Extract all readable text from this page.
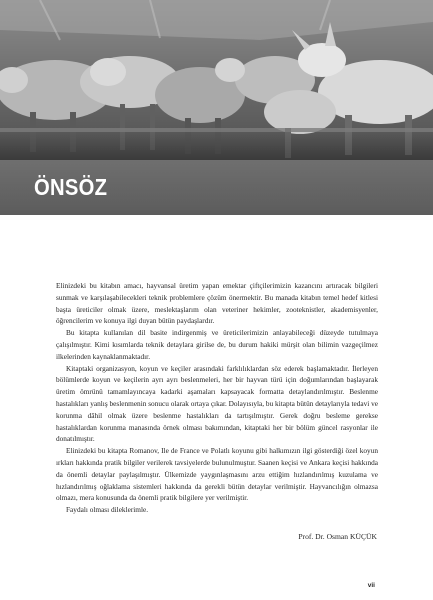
ÖNSÖZ

Elinizdeki bu kitabın amacı, hayvansal üretim yapan emektar çiftçilerimizin kazancını artıracak bilgileri sunmak ve karşılaşabilecekleri teknik problemlere çözüm önermektir. Bu manada kitabın temel hedef kitlesi başta üreticiler olmak üzere, meslektaşlarım olan veteriner hekimler, zooteknistler, akademisyenler, öğrencilerim ve konuya ilgi duyan bütün paydaşlardır.

Bu kitapta kullanılan dil basite indirgenmiş ve üreticilerimizin anlayabileceği düzeyde tutulmaya çalışılmıştır. Kimi kısımlarda teknik detaylara girilse de, bu durum hakiki mürşit olan bilimin vazgeçilmez ilkelerinden kaynaklanmaktadır.

Kitaptaki organizasyon, koyun ve keçiler arasındaki farklılıklardan söz ederek başlamaktadır. İlerleyen bölümlerde koyun ve keçilerin ayrı ayrı beslenmeleri, her bir hayvan türü için doğumlarından başlayarak üretim ömrünü tamamlayıncaya kadarki aşamaları kapsayacak formatta detaylandırılmıştır. Beslenme hastalıkları yanlış beslenmenin sonucu olarak ortaya çıkar. Dolayısıyla, bu kitapta bütün detaylarıyla tedavi ve korunma dâhil olmak üzere beslenme hastalıkları da tartışılmıştır. Gerek doğru besleme gerekse hastalıklardan korunma manasında örnek olması bakımından, kitaptaki her bir bölüm güncel rasyonlar ile donatılmıştır.

Elinizdeki bu kitapta Romanov, Ile de France ve Polatlı koyunu gibi halkımızın ilgi gösterdiği özel koyun ırkları hakkında pratik bilgiler verilerek tavsiyelerde bulunulmuştur. Saanen keçisi ve Ankara keçisi hakkında da önemli detaylar paylaşılmıştır. Ülkemizde yaygınlaşmasını arzu ettiğim hızlandırılmış kuzulama ve hızlandırılmış oğlaklama sistemleri hakkında da gerekli bütün detaylar verilmiştir. Hayvancılığın olmazsa olmazı, mera konusunda da önemli pratik bilgilere yer verilmiştir.

Faydalı olması dileklerimle.

Prof. Dr. Osman KÜÇÜK
vii
